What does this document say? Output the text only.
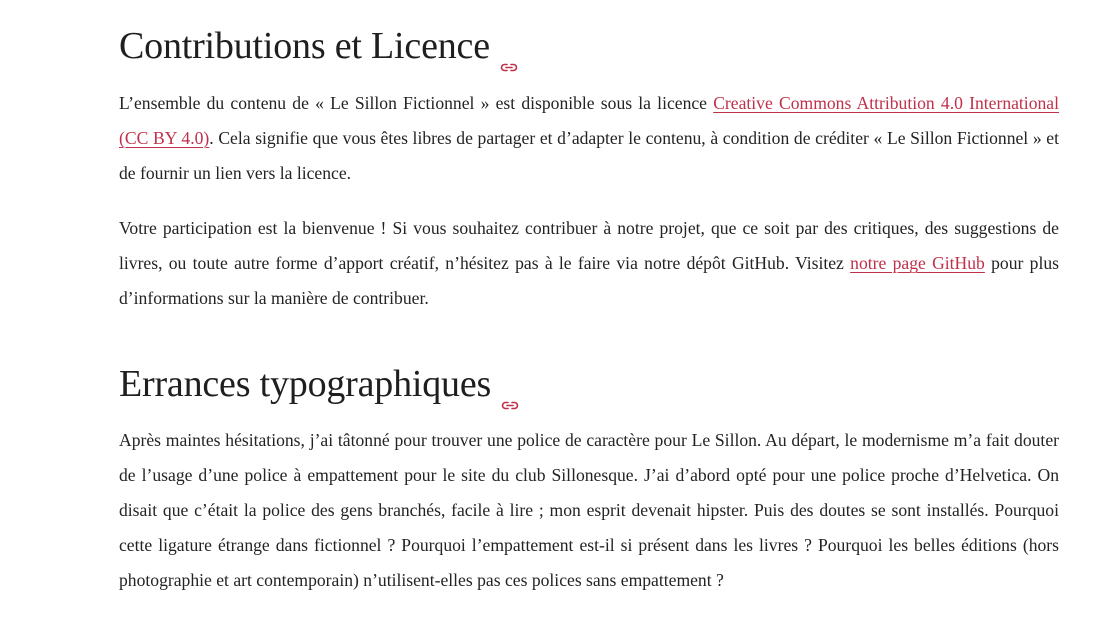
Contributions et Licence

L’ensemble du contenu de « Le Sillon Fictionnel » est disponible sous la licence Creative Commons Attribution 4.0 International (CC BY 4.0). Cela signifie que vous êtes libres de partager et d’adapter le contenu, à condition de créditer « Le Sillon Fictionnel » et de fournir un lien vers la licence.

Votre participation est la bienvenue ! Si vous souhaitez contribuer à notre projet, que ce soit par des critiques, des suggestions de livres, ou toute autre forme d’apport créatif, n’hésitez pas à le faire via notre dépôt GitHub. Visitez notre page GitHub pour plus d’informations sur la manière de contribuer.

Errances typographiques

Après maintes hésitations, j’ai tâtonné pour trouver une police de caractère pour Le Sillon. Au départ, le modernisme m’a fait douter de l’usage d’une police à empattement pour le site du club Sillonesque. J’ai d’abord opté pour une police proche d’Helvetica. On disait que c’était la police des gens branchés, facile à lire ; mon esprit devenait hipster. Puis des doutes se sont installés. Pourquoi cette ligature étrange dans fictionnel ? Pourquoi l’empattement est-il si présent dans les livres ? Pourquoi les belles éditions (hors photographie et art contemporain) n’utilisent-elles pas ces polices sans empattement ?
